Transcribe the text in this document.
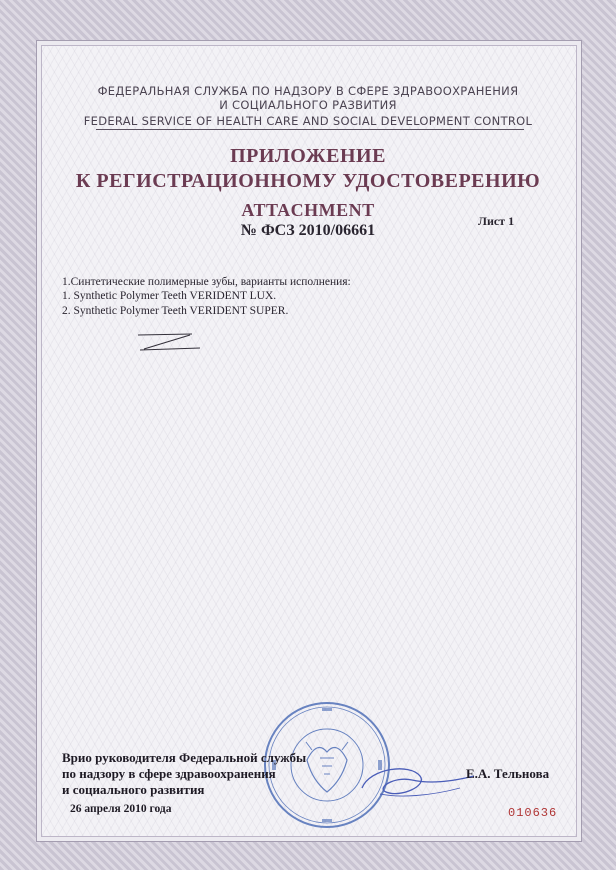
ФЕДЕРАЛЬНАЯ СЛУЖБА ПО НАДЗОРУ В СФЕРЕ ЗДРАВООХРАНЕНИЯ
И СОЦИАЛЬНОГО РАЗВИТИЯ
FEDERAL SERVICE OF HEALTH CARE AND SOCIAL DEVELOPMENT CONTROL
ПРИЛОЖЕНИЕ
К РЕГИСТРАЦИОННОМУ УДОСТОВЕРЕНИЮ
ATTACHMENT
№ ФСЗ 2010/06661
Лист 1
1.Синтетические полимерные зубы, варианты исполнения:
1. Synthetic Polymer Teeth VERIDENT LUX.
2. Synthetic Polymer Teeth VERIDENT SUPER.
Врио руководителя Федеральной службы
по надзору в сфере здравоохранения
и социального развития
Е.А. Тельнова
26 апреля 2010 года	010636
